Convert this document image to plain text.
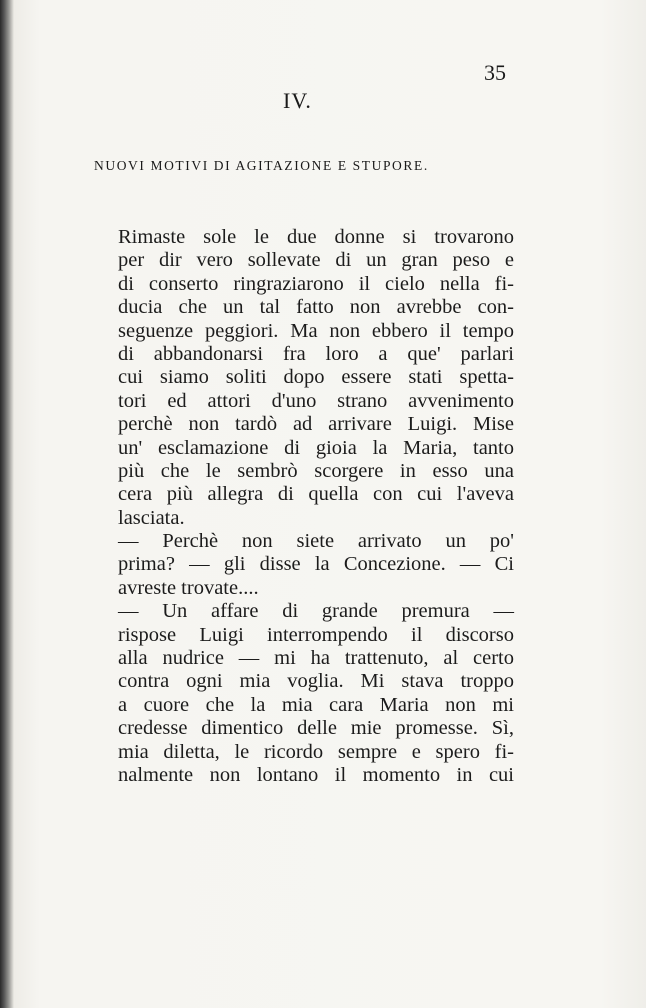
35
IV.
NUOVI MOTIVI DI AGITAZIONE E STUPORE.
Rimaste sole le due donne si trovarono
per dir vero sollevate di un gran peso e
di conserto ringraziarono il cielo nella fi-
ducia che un tal fatto non avrebbe con-
seguenze peggiori. Ma non ebbero il tempo
di abbandonarsi fra loro a que' parlari
cui siamo soliti dopo essere stati spetta-
tori ed attori d'uno strano avvenimento
perchè non tardò ad arrivare Luigi. Mise
un' esclamazione di gioia la Maria, tanto
più che le sembrò scorgere in esso una
cera più allegra di quella con cui l'aveva
lasciata.
— Perchè non siete arrivato un po'
prima? — gli disse la Concezione. — Ci
avreste trovate....
— Un affare di grande premura —
rispose Luigi interrompendo il discorso
alla nudrice — mi ha trattenuto, al certo
contra ogni mia voglia. Mi stava troppo
a cuore che la mia cara Maria non mi
credesse dimentico delle mie promesse. Sì,
mia diletta, le ricordo sempre e spero fi-
nalmente non lontano il momento in cui
